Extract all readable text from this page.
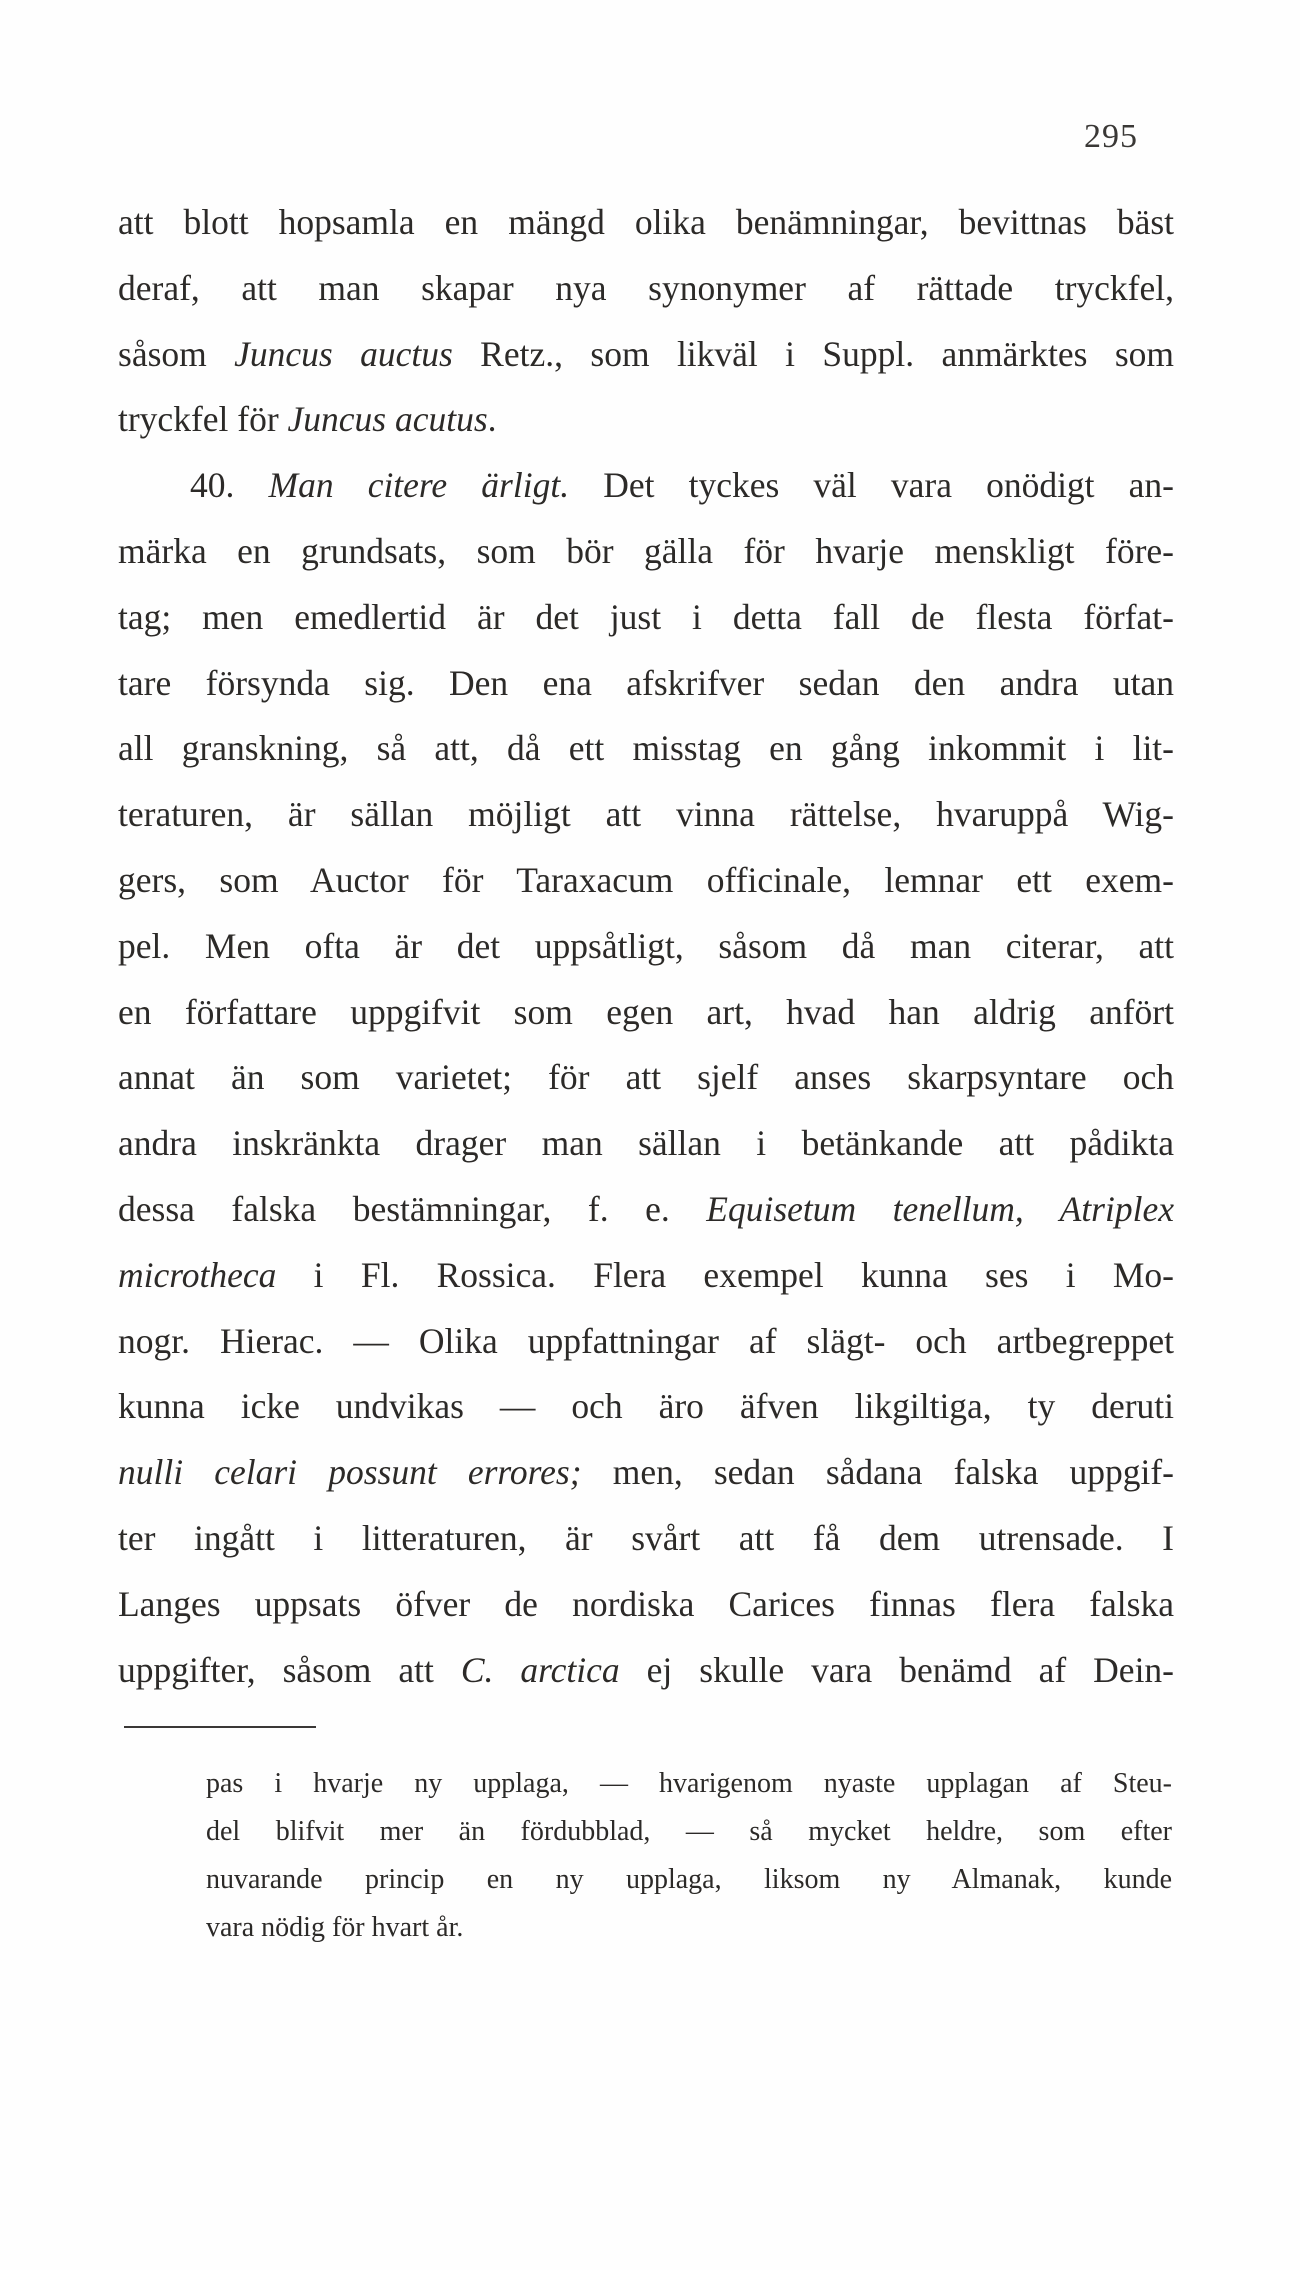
295
att blott hopsamla en mängd olika benämningar, bevittnas bäst
deraf, att man skapar nya synonymer af rättade tryckfel,
såsom Juncus auctus Retz., som likväl i Suppl. anmärktes som
tryckfel för Juncus acutus.
40. Man citere ärligt. Det tyckes väl vara onödigt an-
märka en grundsats, som bör gälla för hvarje menskligt före-
tag; men emedlertid är det just i detta fall de flesta förfat-
tare försynda sig. Den ena afskrifver sedan den andra utan
all granskning, så att, då ett misstag en gång inkommit i lit-
teraturen, är sällan möjligt att vinna rättelse, hvaruppå Wig-
gers, som Auctor för Taraxacum officinale, lemnar ett exem-
pel. Men ofta är det uppsåtligt, såsom då man citerar, att
en författare uppgifvit som egen art, hvad han aldrig anfört
annat än som varietet; för att sjelf anses skarpsyntare och
andra inskränkta drager man sällan i betänkande att pådikta
dessa falska bestämningar, f. e. Equisetum tenellum, Atriplex
microtheca i Fl. Rossica. Flera exempel kunna ses i Mo-
nogr. Hierac. — Olika uppfattningar af slägt- och artbegreppet
kunna icke undvikas — och äro äfven likgiltiga, ty deruti
nulli celari possunt errores; men, sedan sådana falska uppgif-
ter ingått i litteraturen, är svårt att få dem utrensade. I
Langes uppsats öfver de nordiska Carices finnas flera falska
uppgifter, såsom att C. arctica ej skulle vara benämd af Dein-
pas i hvarje ny upplaga, — hvarigenom nyaste upplagan af Steu-
del blifvit mer än fördubblad, — så mycket heldre, som efter
nuvarande princip en ny upplaga, liksom ny Almanak, kunde
vara nödig för hvart år.
